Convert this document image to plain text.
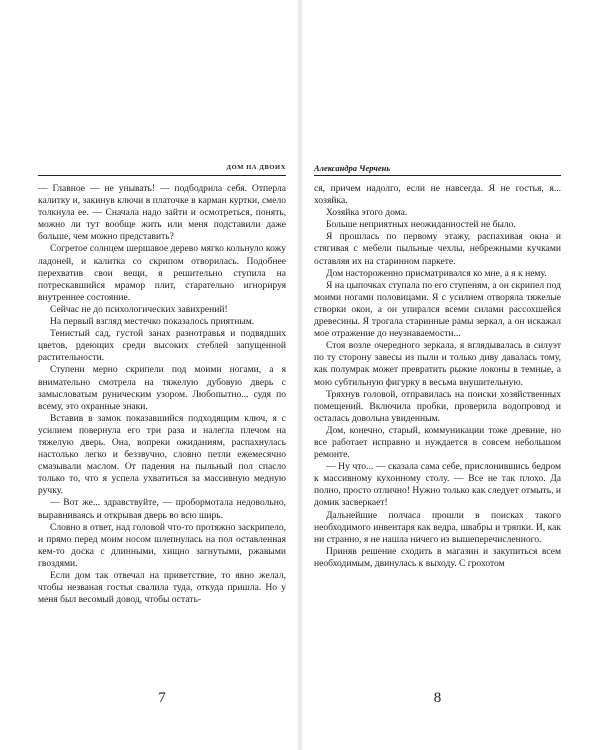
ДОМ НА ДВОИХ

— Главное — не унывать! — подбодрила себя. Отперла калитку и, закинув ключи в платочке в карман куртки, смело толкнула ее. — Сначала надо зайти и осмотреться, понять, можно ли тут вообще жить или меня подставили даже больше, чем можно представить?

Согретое солнцем шершавое дерево мягко кольнуло кожу ладоней, и калитка со скрипом отворилась. Подобнее перехватив свои вещи, я решительно ступила на потрескавшийся мрамор плит, старательно игнорируя внутреннее состояние.

Сейчас не до психологических завихрений!

На первый взгляд местечко показалось приятным.

Тенистый сад, густой занах разнотравья и подвядших цветов, рдеющих среди высоких стеблей запущенной растительности.

Ступени мерно скрипели под моими ногами, а я внимательно смотрела на тяжелую дубовую дверь с замысловатым руническим узором. Любопытно... судя по всему, это охранные знаки.

Вставив в замок показавшийся подходящим ключ, я с усилием повернула его три раза и налегла плечом на тяжелую дверь. Она, вопреки ожиданиям, распахнулась настолько легко и беззвучно, словно петли ежемесячно смазывали маслом. От падения на пыльный пол спасло только то, что я успела ухватиться за массивную медную ручку.

— Вот же... здравствуйте, — пробормотала недовольно, выравниваясь и открывая дверь во всю ширь.

Словно в ответ, над головой что-то протяжно заскрипело, и прямо перед моим носом шлепнулась на пол оставленная кем-то доска с длинными, хищно загнутыми, ржавыми гвоздями.

Если дом так отвечал на приветствие, то явно желал, чтобы незваная гостья свалила туда, откуда пришла. Но у меня был весомый довод, чтобы остать-

7
Александра Черчень

ся, причем надолго, если не навсегда. Я не гостья, я... хозяйка.

Хозяйка этого дома.

Больше неприятных неожиданностей не было.

Я прошлась по первому этажу, распахивая окна и стягивая с мебели пыльные чехлы, небрежными кучками оставляя их на старинном паркете.

Дом настороженно присматривался ко мне, а я к нему.

Я на цыпочках ступала по его ступеням, а он скрипел под моими ногами половицами. Я с усилием отворяла тяжелые створки окон, а он упирался всеми силами рассохшейся древесины. Я трогала старинные рамы зеркал, а он искажал мое отражение до неузнаваемости...

Стоя возле очередного зеркала, я вглядывалась в силуэт по ту сторону завесы из пыли и только диву давалась тому, как полумрак может превратить рыжие локоны в темные, а мою субтильную фигурку в весьма внушительную.

Тряхнув головой, отправилась на поиски хозяйственных помещений. Включила пробки, проверила водопровод и осталась довольна увиденным.

Дом, конечно, старый, коммуникации тоже древние, но все работает исправно и нуждается в совсем небольшом ремонте.

— Ну что... — сказала сама себе, прислонившись бедром к массивному кухонному столу. — Все не так плохо. Да полно, просто отлично! Нужно только как следует отмыть, и домик засверкает!

Дальнейшие полчаса прошли в поисках такого необходимого инвентаря как ведра, швабры и тряпки. И, как ни странно, я не нашла ничего из вышеперечисленного.

Приняв решение сходить в магазин и закупиться всем необходимым, двинулась к выходу. С грохотом

8
